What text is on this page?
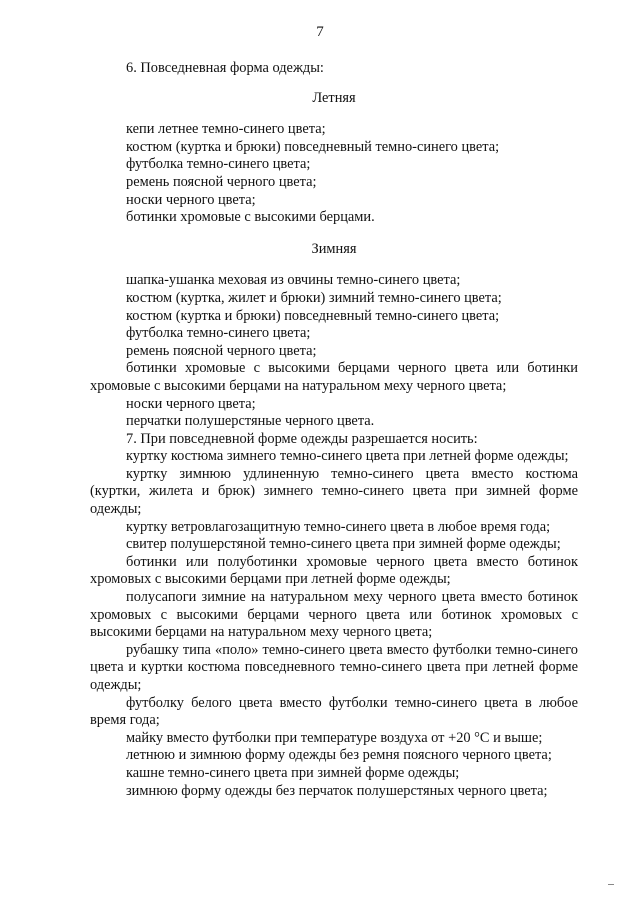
7

6. Повседневная форма одежды:

Летняя

кепи летнее темно-синего цвета;

костюм (куртка и брюки) повседневный темно-синего цвета;

футболка темно-синего цвета;

ремень поясной черного цвета;

носки черного цвета;

ботинки хромовые с высокими берцами.

Зимняя

шапка-ушанка меховая из овчины темно-синего цвета;

костюм (куртка, жилет и брюки) зимний темно-синего цвета;

костюм (куртка и брюки) повседневный темно-синего цвета;

футболка темно-синего цвета;

ремень поясной черного цвета;

ботинки хромовые с высокими берцами черного цвета или ботинки хромовые с высокими берцами на натуральном меху черного цвета;

носки черного цвета;

перчатки полушерстяные черного цвета.

7. При повседневной форме одежды разрешается носить:

куртку костюма зимнего темно-синего цвета при летней форме одежды;

куртку зимнюю удлиненную темно-синего цвета вместо костюма (куртки, жилета и брюк) зимнего темно-синего цвета при зимней форме одежды;

куртку ветровлагозащитную темно-синего цвета в любое время года;

свитер полушерстяной темно-синего цвета при зимней форме одежды;

ботинки или полуботинки хромовые черного цвета вместо ботинок хромовых с высокими берцами при летней форме одежды;

полусапоги зимние на натуральном меху черного цвета вместо ботинок хромовых с высокими берцами черного цвета или ботинок хромовых с высокими берцами на натуральном меху черного цвета;

рубашку типа «поло» темно-синего цвета вместо футболки темно-синего цвета и куртки костюма повседневного темно-синего цвета при летней форме одежды;

футболку белого цвета вместо футболки темно-синего цвета в любое время года;

майку вместо футболки при температуре воздуха от +20 °С и выше;

летнюю и зимнюю форму одежды без ремня поясного черного цвета;

кашне темно-синего цвета при зимней форме одежды;

зимнюю форму одежды без перчаток полушерстяных черного цвета;
